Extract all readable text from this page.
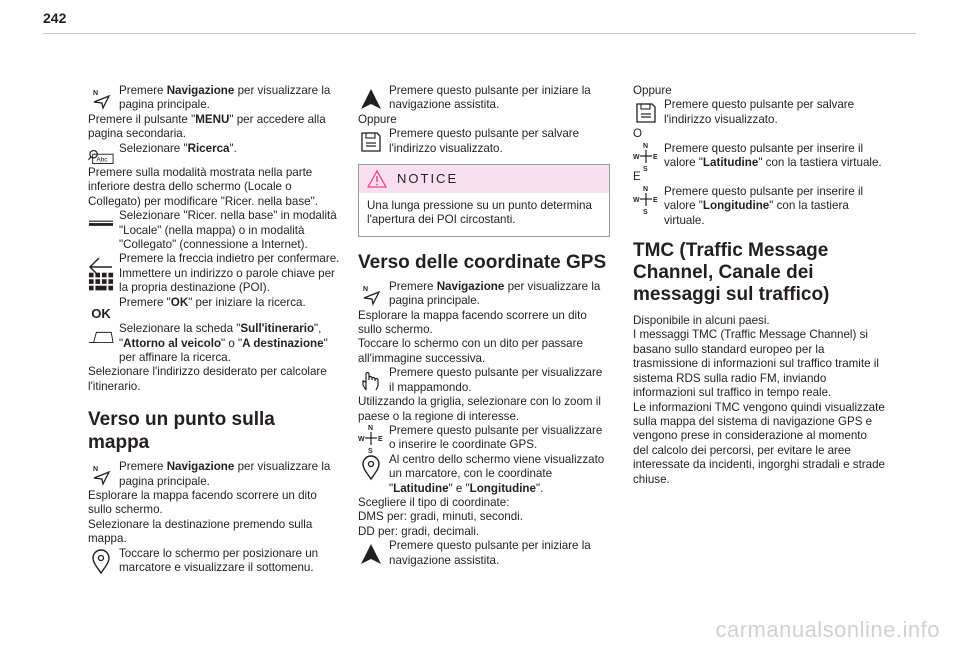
242
N Premere Navigazione per visualizzare la pagina principale.

Premere il pulsante "MENU" per accedere alla pagina secondaria.

Abc

Selezionare "Ricerca".

Premere sulla modalità mostrata nella parte inferiore destra dello schermo (Locale o Collegato) per modificare "Ricer. nella base".

Selezionare "Ricer. nella base" in modalità "Locale" (nella mappa) o in modalità "Collegato" (connessione a Internet).

Premere la freccia indietro per confermare.

Immettere un indirizzo o parole chiave per la propria destinazione (POI).

OK

Premere "OK" per iniziare la ricerca.

Selezionare la scheda "Sull'itinerario", "Attorno al veicolo" o "A destinazione" per affinare la ricerca.

Selezionare l'indirizzo desiderato per calcolare l'itinerario.

Verso un punto sulla mappa
N Premere Navigazione per visualizzare la pagina principale.

Esplorare la mappa facendo scorrere un dito sullo schermo.

Selezionare la destinazione premendo sulla mappa.

Toccare lo schermo per posizionare un marcatore e visualizzare il sottomenu.

Premere questo pulsante per iniziare la navigazione assistita.

Oppure

Premere questo pulsante per salvare l'indirizzo visualizzato.

NOTICE

Una lunga pressione su un punto determina l'apertura dei POI circostanti.

Verso delle coordinate GPS
N Premere Navigazione per visualizzare la pagina principale.

Esplorare la mappa facendo scorrere un dito sullo schermo.

Toccare lo schermo con un dito per passare all'immagine successiva.

Premere questo pulsante per visualizzare il mappamondo.

Utilizzando la griglia, selezionare con lo zoom il paese o la regione di interesse.

N
W E
S

Premere questo pulsante per visualizzare o inserire le coordinate GPS.

Al centro dello schermo viene visualizzato un marcatore, con le coordinate "Latitudine" e "Longitudine".

Scegliere il tipo di coordinate:

DMS per: gradi, minuti, secondi.

DD per: gradi, decimali.

Premere questo pulsante per iniziare la navigazione assistita.

Oppure

Premere questo pulsante per salvare l'indirizzo visualizzato.

O

N
W E
S

Premere questo pulsante per inserire il valore "Latitudine" con la tastiera virtuale.

E

N
W E
S

Premere questo pulsante per inserire il valore "Longitudine" con la tastiera virtuale.

TMC (Traffic Message Channel, Canale dei messaggi sul traffico)

Disponibile in alcuni paesi.

I messaggi TMC (Traffic Message Channel) si basano sullo standard europeo per la trasmissione di informazioni sul traffico tramite il sistema RDS sulla radio FM, inviando informazioni sul traffico in tempo reale.

Le informazioni TMC vengono quindi visualizzate sulla mappa del sistema di navigazione GPS e vengono prese in considerazione al momento del calcolo dei percorsi, per evitare le aree interessate da incidenti, ingorghi stradali e strade chiuse.

carmanualsonline.info
